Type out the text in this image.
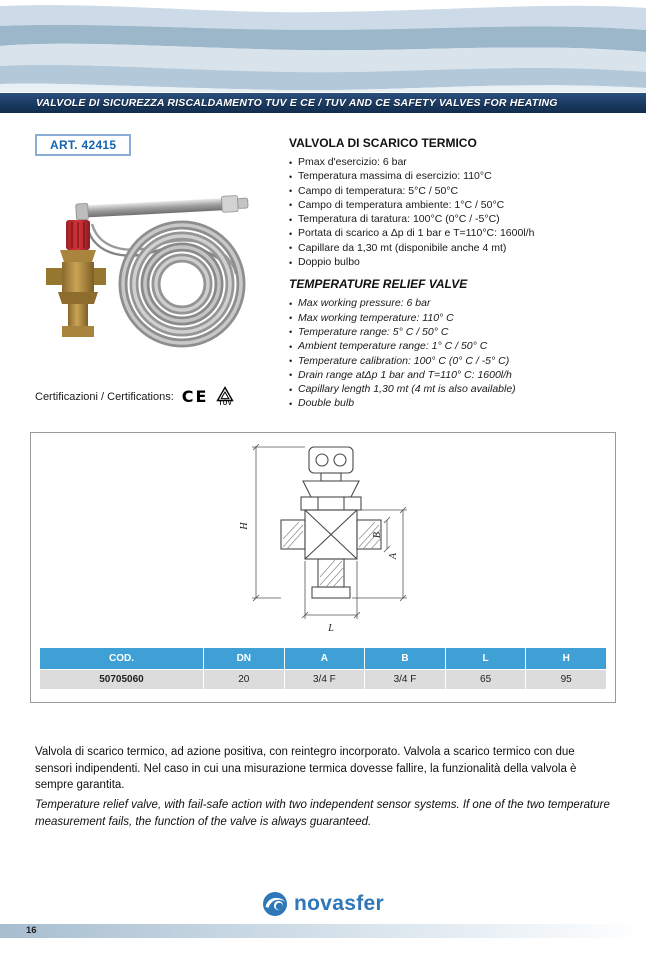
VALVOLE DI SICUREZZA RISCALDAMENTO TUV E CE / TUV AND CE SAFETY VALVES FOR HEATING
ART. 42415	VALVOLA DI SCARICO TERMICO
• Pmax d'esercizio: 6 bar
• Temperatura massima di esercizio: 110°C
• Campo di temperatura: 5°C / 50°C
• Campo di temperatura ambiente: 1°C / 50°C
• Temperatura di taratura: 100°C (0°C / -5°C)
• Portata di scarico a Δp di 1 bar e T=110°C: 1600l/h
• Capillare da 1,30 mt (disponibile anche 4 mt)
• Doppio bulbo
TEMPERATURE RELIEF VALVE
• Max working pressure: 6 bar
• Max working temperature: 110° C
• Temperature range: 5° C / 50° C
• Ambient temperature range: 1° C / 50° C
• Temperature calibration: 100° C (0° C / -5° C)
• Drain range atΔp 1 bar and T=110° C: 1600l/h
• Capillary length 1,30 mt (4 mt is also available)
• Double bulb
Certificazioni / Certifications: CE TÜV
H
B
A
L
COD.	DN	A	B	L	H
50705060	20	3/4 F	3/4 F	65	95

Valvola di scarico termico, ad azione positiva, con reintegro incorporato. Valvola a scarico termico con due sensori indipendenti. Nel caso in cui una misurazione termica dovesse fallire, la funzionalità della valvola è sempre garantita.

Temperature relief valve, with fail-safe action with two independent sensor systems. If one of the two temperature measurement fails, the function of the valve is always guaranteed.

novasfer
16
